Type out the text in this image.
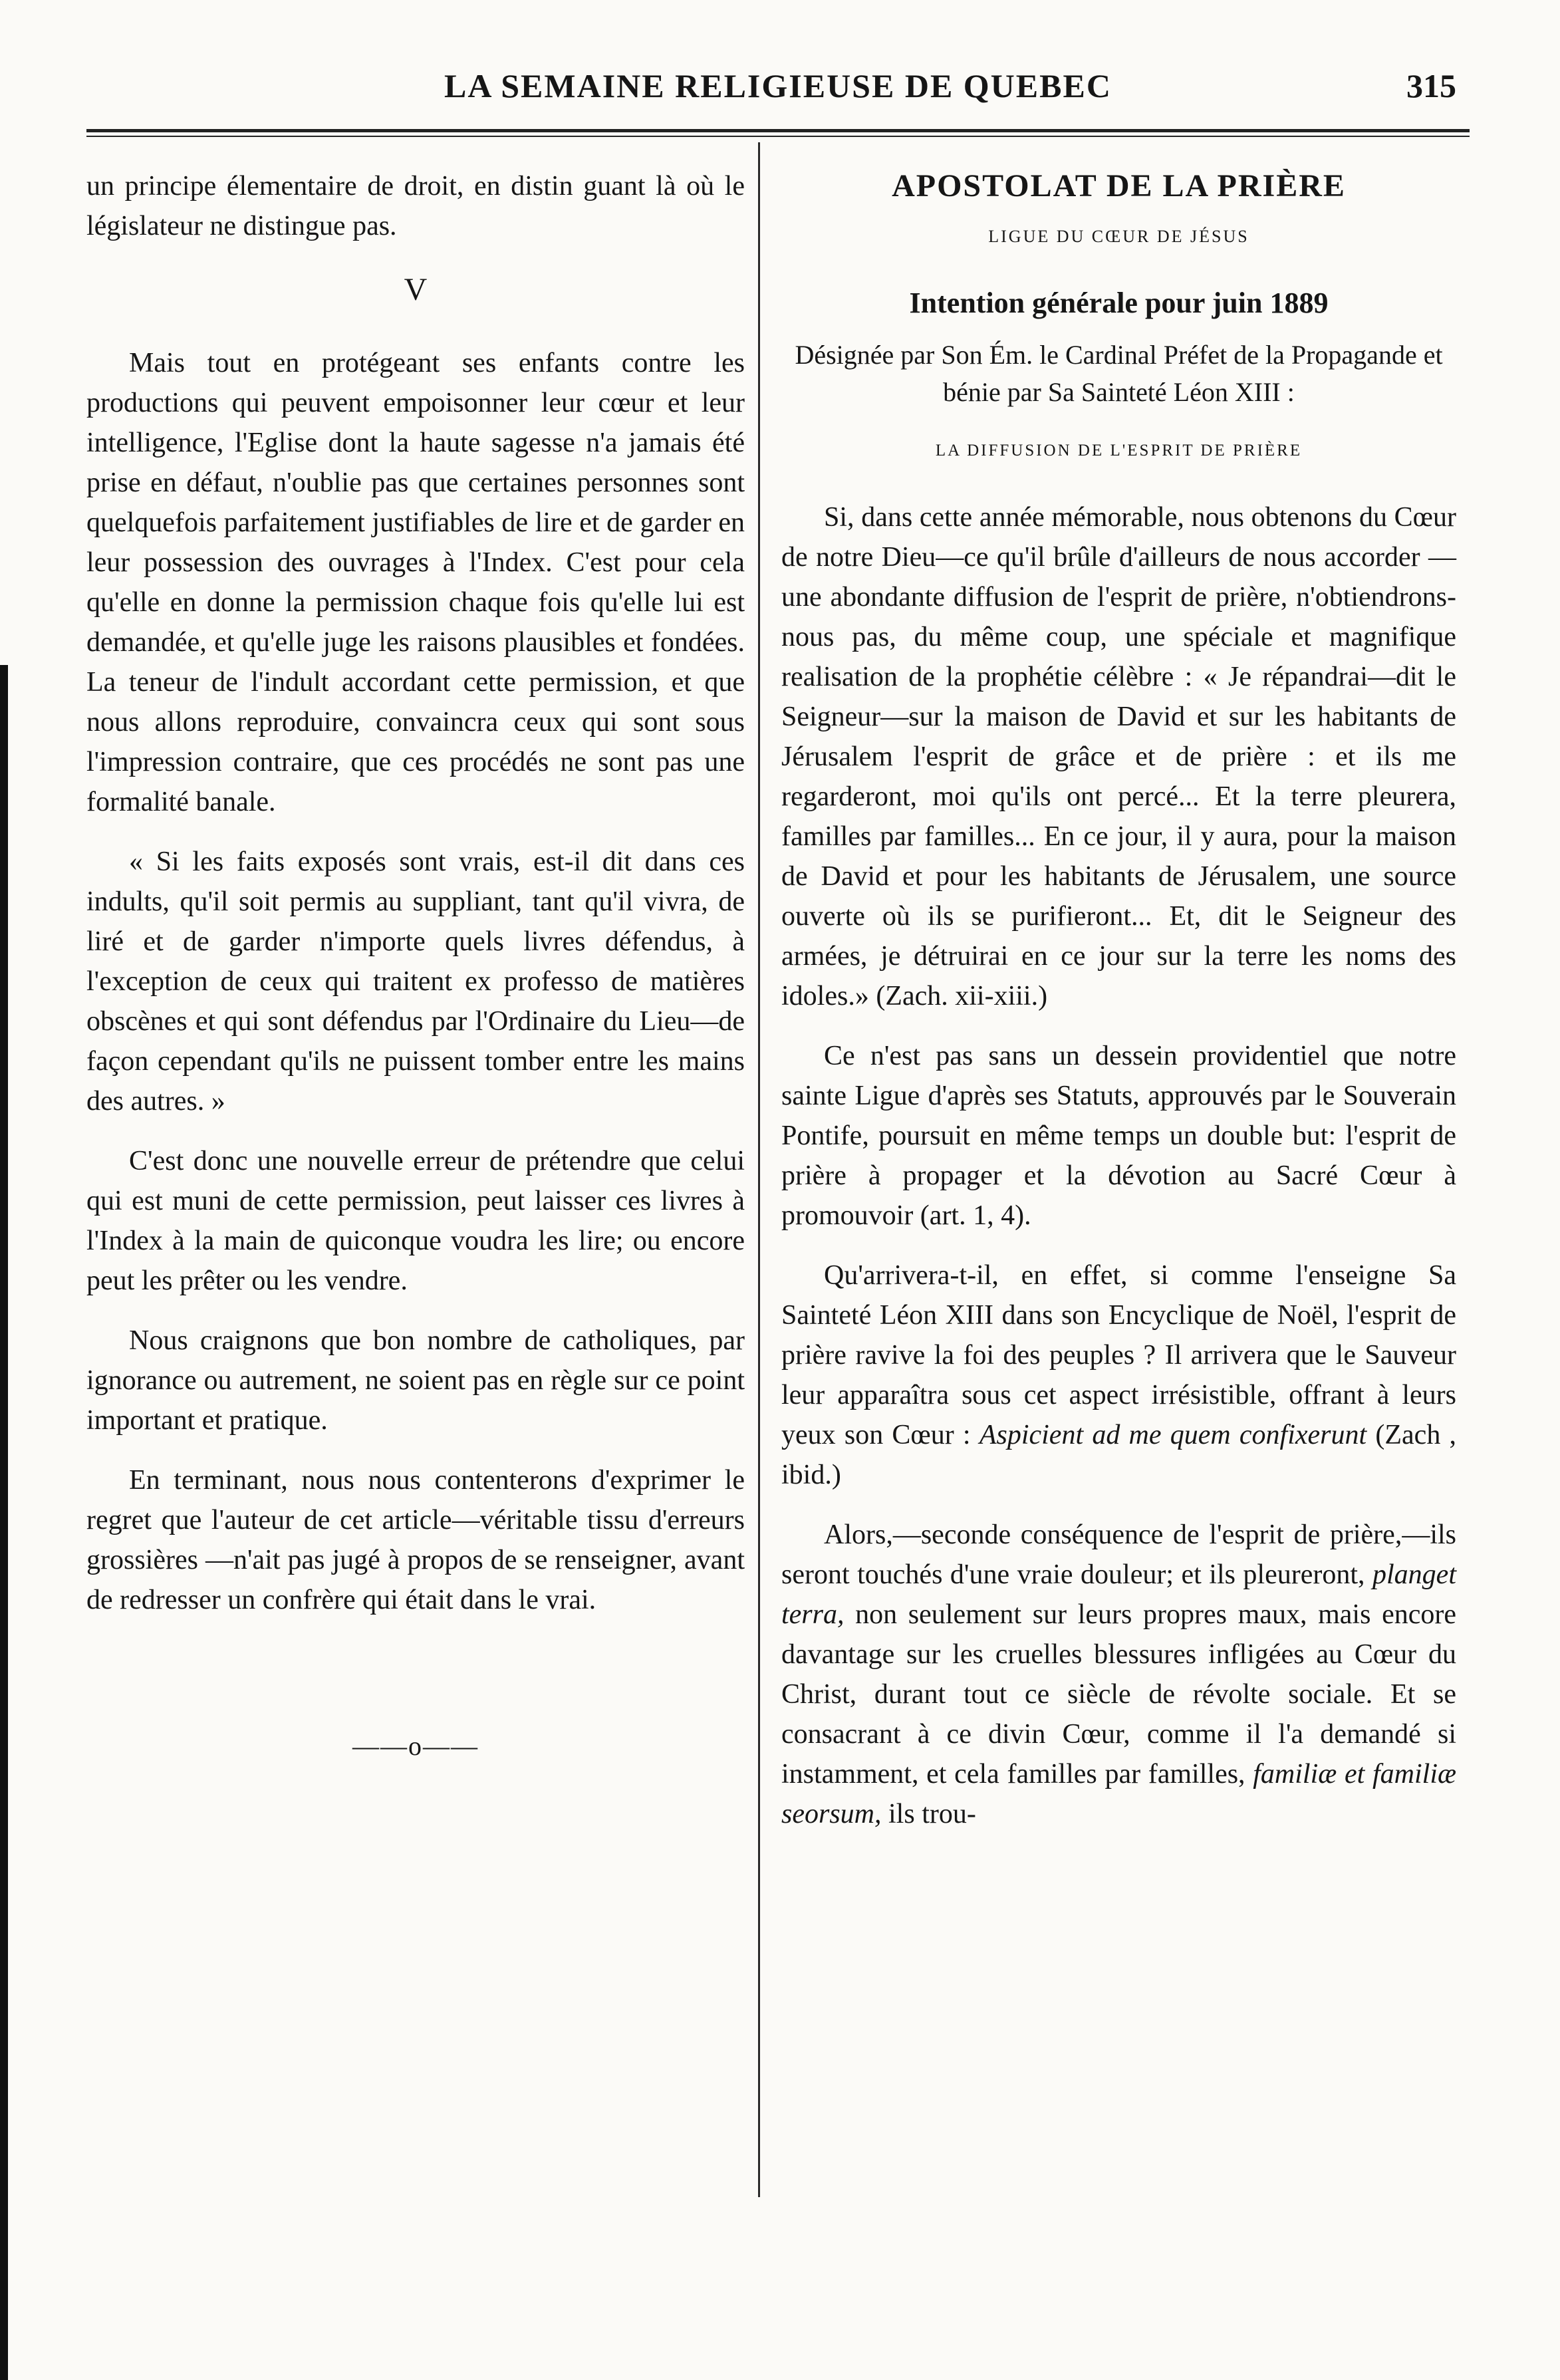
LA SEMAINE RELIGIEUSE DE QUEBEC	315

un principe élementaire de droit, en distin guant là où le législateur ne distingue pas.

V

Mais tout en protégeant ses enfants contre les productions qui peuvent empoisonner leur cœur et leur intelligence, l'Eglise dont la haute sagesse n'a jamais été prise en défaut, n'oublie pas que certaines personnes sont quelquefois parfaitement justifiables de lire et de garder en leur possession des ouvrages à l'Index. C'est pour cela qu'elle en donne la permission chaque fois qu'elle lui est demandée, et qu'elle juge les raisons plausibles et fondées. La teneur de l'indult accordant cette permission, et que nous allons reproduire, convaincra ceux qui sont sous l'impression contraire, que ces procédés ne sont pas une formalité banale.

« Si les faits exposés sont vrais, est-il dit dans ces indults, qu'il soit permis au suppliant, tant qu'il vivra, de liré et de garder n'importe quels livres défendus, à l'exception de ceux qui traitent ex professo de matières obscènes et qui sont défendus par l'Ordinaire du Lieu—de façon cependant qu'ils ne puissent tomber entre les mains des autres. »

C'est donc une nouvelle erreur de prétendre que celui qui est muni de cette permission, peut laisser ces livres à l'Index à la main de quiconque voudra les lire; ou encore peut les prêter ou les vendre.

Nous craignons que bon nombre de catholiques, par ignorance ou autrement, ne soient pas en règle sur ce point important et pratique.

En terminant, nous nous contenterons d'exprimer le regret que l'auteur de cet article—véritable tissu d'erreurs grossières —n'ait pas jugé à propos de se renseigner, avant de redresser un confrère qui était dans le vrai.

——o——
APOSTOLAT DE LA PRIÈRE
LIGUE DU CŒUR DE JÉSUS
Intention générale pour juin 1889
Désignée par Son Ém. le Cardinal Préfet de la Propagande et bénie par Sa Sainteté Léon XIII :
LA DIFFUSION DE L'ESPRIT DE PRIÈRE

Si, dans cette année mémorable, nous obtenons du Cœur de notre Dieu—ce qu'il brûle d'ailleurs de nous accorder — une abondante diffusion de l'esprit de prière, n'obtiendrons-nous pas, du même coup, une spéciale et magnifique realisation de la prophétie célèbre : « Je répandrai—dit le Seigneur—sur la maison de David et sur les habitants de Jérusalem l'esprit de grâce et de prière : et ils me regarderont, moi qu'ils ont percé... Et la terre pleurera, familles par familles... En ce jour, il y aura, pour la maison de David et pour les habitants de Jérusalem, une source ouverte où ils se purifieront... Et, dit le Seigneur des armées, je détruirai en ce jour sur la terre les noms des idoles.» (Zach. xii-xiii.)

Ce n'est pas sans un dessein providentiel que notre sainte Ligue d'après ses Statuts, approuvés par le Souverain Pontife, poursuit en même temps un double but: l'esprit de prière à propager et la dévotion au Sacré Cœur à promouvoir (art. 1, 4).

Qu'arrivera-t-il, en effet, si comme l'enseigne Sa Sainteté Léon XIII dans son Encyclique de Noël, l'esprit de prière ravive la foi des peuples ? Il arrivera que le Sauveur leur apparaîtra sous cet aspect irrésistible, offrant à leurs yeux son Cœur : Aspicient ad me quem confixerunt (Zach , ibid.)

Alors,—seconde conséquence de l'esprit de prière,—ils seront touchés d'une vraie douleur; et ils pleureront, planget terra, non seulement sur leurs propres maux, mais encore davantage sur les cruelles blessures infligées au Cœur du Christ, durant tout ce siècle de révolte sociale. Et se consacrant à ce divin Cœur, comme il l'a demandé si instamment, et cela familles par familles, familiæ et familiæ seorsum, ils trou-
